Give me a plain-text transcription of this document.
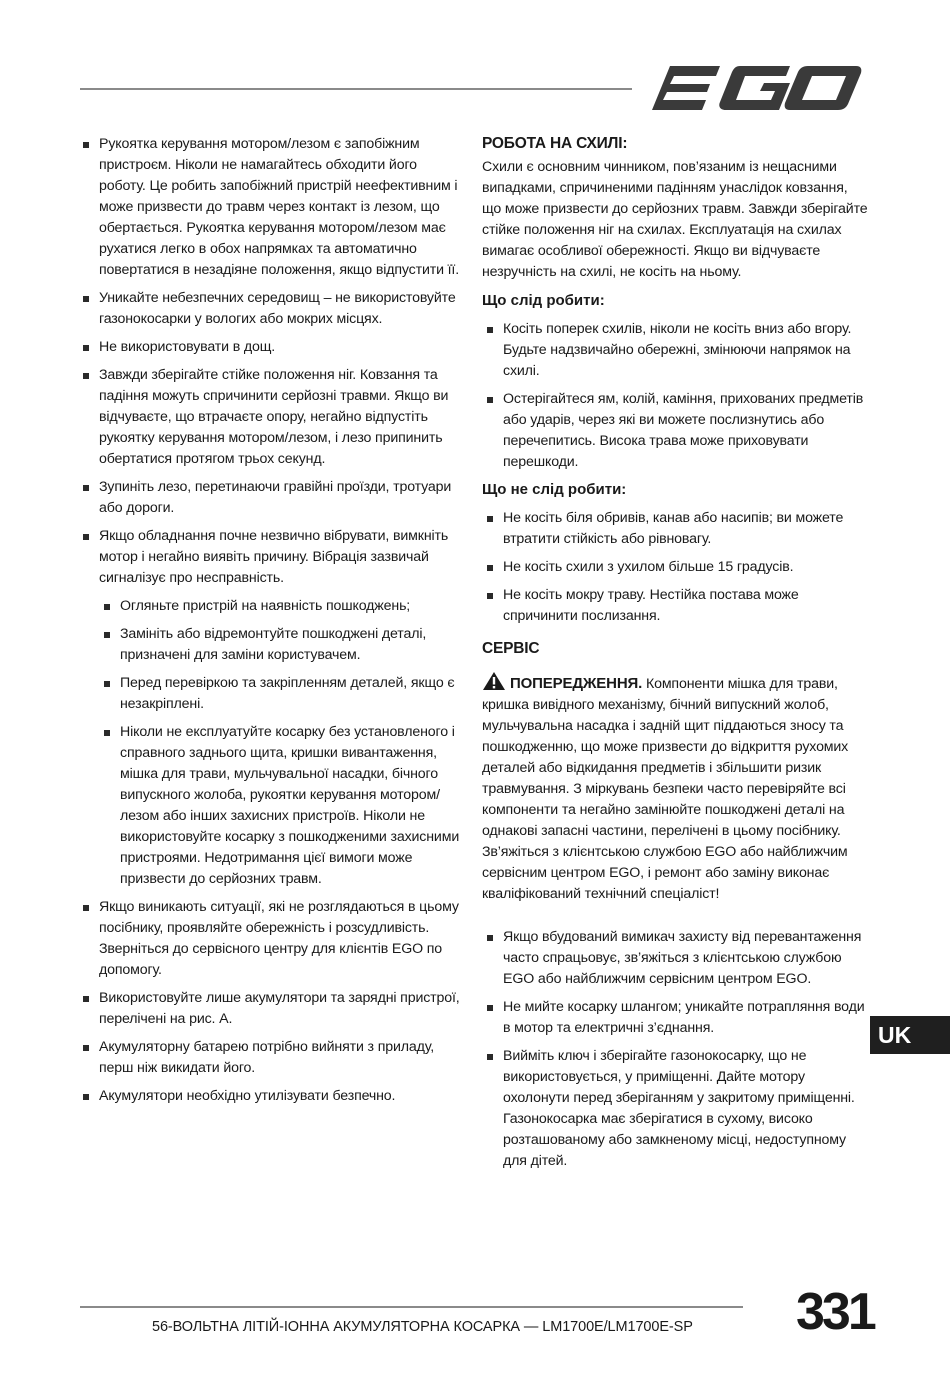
Рукоятка керування мотором/лезом є запобіжним пристроєм. Ніколи не намагайтесь обходити його роботу. Це робить запобіжний пристрій неефективним і може призвести до травм через контакт із лезом, що обертається. Рукоятка керування мотором/лезом має рухатися легко в обох напрямках та автоматично повертатися в незадіяне положення, якщо відпустити її.
Уникайте небезпечних середовищ – не використовуйте газонокосарки у вологих або мокрих місцях.
Не використовувати в дощ.
Завжди зберігайте стійке положення ніг. Ковзання та падіння можуть спричинити серйозні травми. Якщо ви відчуваєте, що втрачаєте опору, негайно відпустіть рукоятку керування мотором/лезом, і лезо припинить обертатися протягом трьох секунд.
Зупиніть лезо, перетинаючи гравійні проїзди, тротуари або дороги.
Якщо обладнання почне незвично вібрувати, вимкніть мотор і негайно виявіть причину. Вібрація зазвичай сигналізує про несправність.
Огляньте пристрій на наявність пошкоджень;
Замініть або відремонтуйте пошкоджені деталі, призначені для заміни користувачем.
Перед перевіркою та закріпленням деталей, якщо є незакріплені.
Ніколи не експлуатуйте косарку без установленого і справного заднього щита, кришки вивантаження, мішка для трави, мульчувальної насадки, бічного випускного жолоба, рукоятки керування мотором/лезом або інших захисних пристроїв. Ніколи не використовуйте косарку з пошкодженими захисними пристроями. Недотримання цієї вимоги може призвести до серйозних травм.
Якщо виникають ситуації, які не розглядаються в цьому посібнику, проявляйте обережність і розсудливість. Зверніться до сервісного центру для клієнтів EGO по допомогу.
Використовуйте лише акумулятори та зарядні пристрої, перелічені на рис. A.
Акумуляторну батарею потрібно вийняти з приладу, перш ніж викидати його.
Акумулятори необхідно утилізувати безпечно.
РОБОТА НА СХИЛІ:

Схили є основним чинником, пов’язаним із нещасними випадками, спричиненими падінням унаслідок ковзання, що може призвести до серйозних травм. Завжди зберігайте стійке положення ніг на схилах. Експлуатація на схилах вимагає особливої обережності. Якщо ви відчуваєте незручність на схилі, не косіть на ньому.

Що слід робити:
Косіть поперек схилів, ніколи не косіть вниз або вгору. Будьте надзвичайно обережні, змінюючи напрямок на схилі.
Остерігайтеся ям, колій, каміння, прихованих предметів або ударів, через які ви можете послизнутись або перечепитись. Висока трава може приховувати перешкоди.
Що не слід робити:
Не косіть біля обривів, канав або насипів; ви можете втратити стійкість або рівновагу.
Не косіть схили з ухилом більше 15 градусів.
Не косіть мокру траву. Нестійка постава може спричинити послизання.
СЕРВІС

ПОПЕРЕДЖЕННЯ. Компоненти мішка для трави, кришка вивідного механізму, бічний випускний жолоб, мульчувальна насадка і задній щит піддаються зносу та пошкодженню, що може призвести до відкриття рухомих деталей або відкидання предметів і збільшити ризик травмування. З міркувань безпеки часто перевіряйте всі компоненти та негайно замінюйте пошкоджені деталі на однакові запасні частини, перелічені в цьому посібнику. Зв’яжіться з клієнтською службою EGO або найближчим сервісним центром EGO, і ремонт або заміну виконає кваліфікований технічний спеціаліст!

Якщо вбудований вимикач захисту від перевантаження часто спрацьовує, зв’яжіться з клієнтською службою EGO або найближчим сервісним центром EGO.
Не мийте косарку шлангом; уникайте потрапляння води в мотор та електричні з’єднання.
Вийміть ключ і зберігайте газонокосарку, що не використовується, у приміщенні. Дайте мотору охолонути перед зберіганням у закритому приміщенні. Газонокосарка має зберігатися в сухому, високо розташованому або замкненому місці, недоступному для дітей.
UK
56-ВОЛЬТНА ЛІТІЙ-ІОННА АКУМУЛЯТОРНА КОСАРКА — LM1700E/LM1700E-SP	331
